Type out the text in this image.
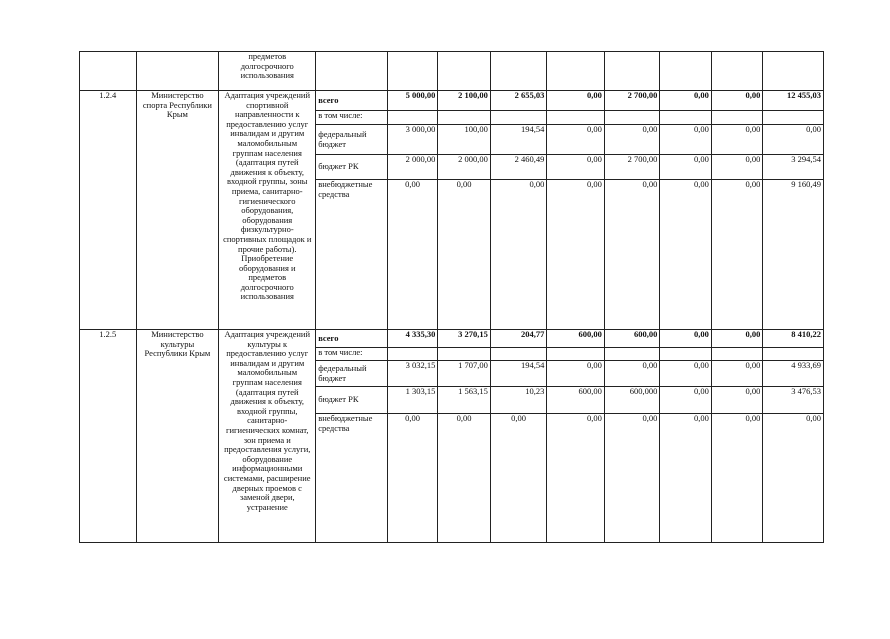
		предметов долгосрочного использования									
1.2.4	Министерство спорта Республики Крым	Адаптация учреждений спортивной направленности к предоставлению услуг инвалидам и другим маломобильным группам населения (адаптация путей движения к объекту, входной группы, зоны приема, санитарно-гигиенического оборудования, оборудования физкультурно-спортивных площадок и прочие работы). Приобретение оборудования и предметов долгосрочного использования	всего	5 000,00	2 100,00	2 655,03	0,00	2 700,00	0,00	0,00	12 455,03
			в том числе:								
			федеральный бюджет	3 000,00	100,00	194,54	0,00	0,00	0,00	0,00	0,00
			бюджет РК	2 000,00	2 000,00	2 460,49	0,00	2 700,00	0,00	0,00	3 294,54
			внебюджетные средства	0,00	0,00	0,00	0,00	0,00	0,00	0,00	9 160,49
1.2.5	Министерство культуры Республики Крым	Адаптация учреждений культуры к предоставлению услуг инвалидам и другим маломобильным группам населения (адаптация путей движения к объекту, входной группы, санитарно-гигиенических комнат, зон приема и предоставления услуги, оборудование информационными системами, расширение дверных проемов с заменой двери, устранение	всего	4 335,30	3 270,15	204,77	600,00	600,00	0,00	0,00	8 410,22
			в том числе:								
			федеральный бюджет	3 032,15	1 707,00	194,54	0,00	0,00	0,00	0,00	4 933,69
			бюджет РК	1 303,15	1 563,15	10,23	600,00	600,000	0,00	0,00	3 476,53
			внебюджетные средства	0,00	0,00	0,00	0,00	0,00	0,00	0,00	0,00
